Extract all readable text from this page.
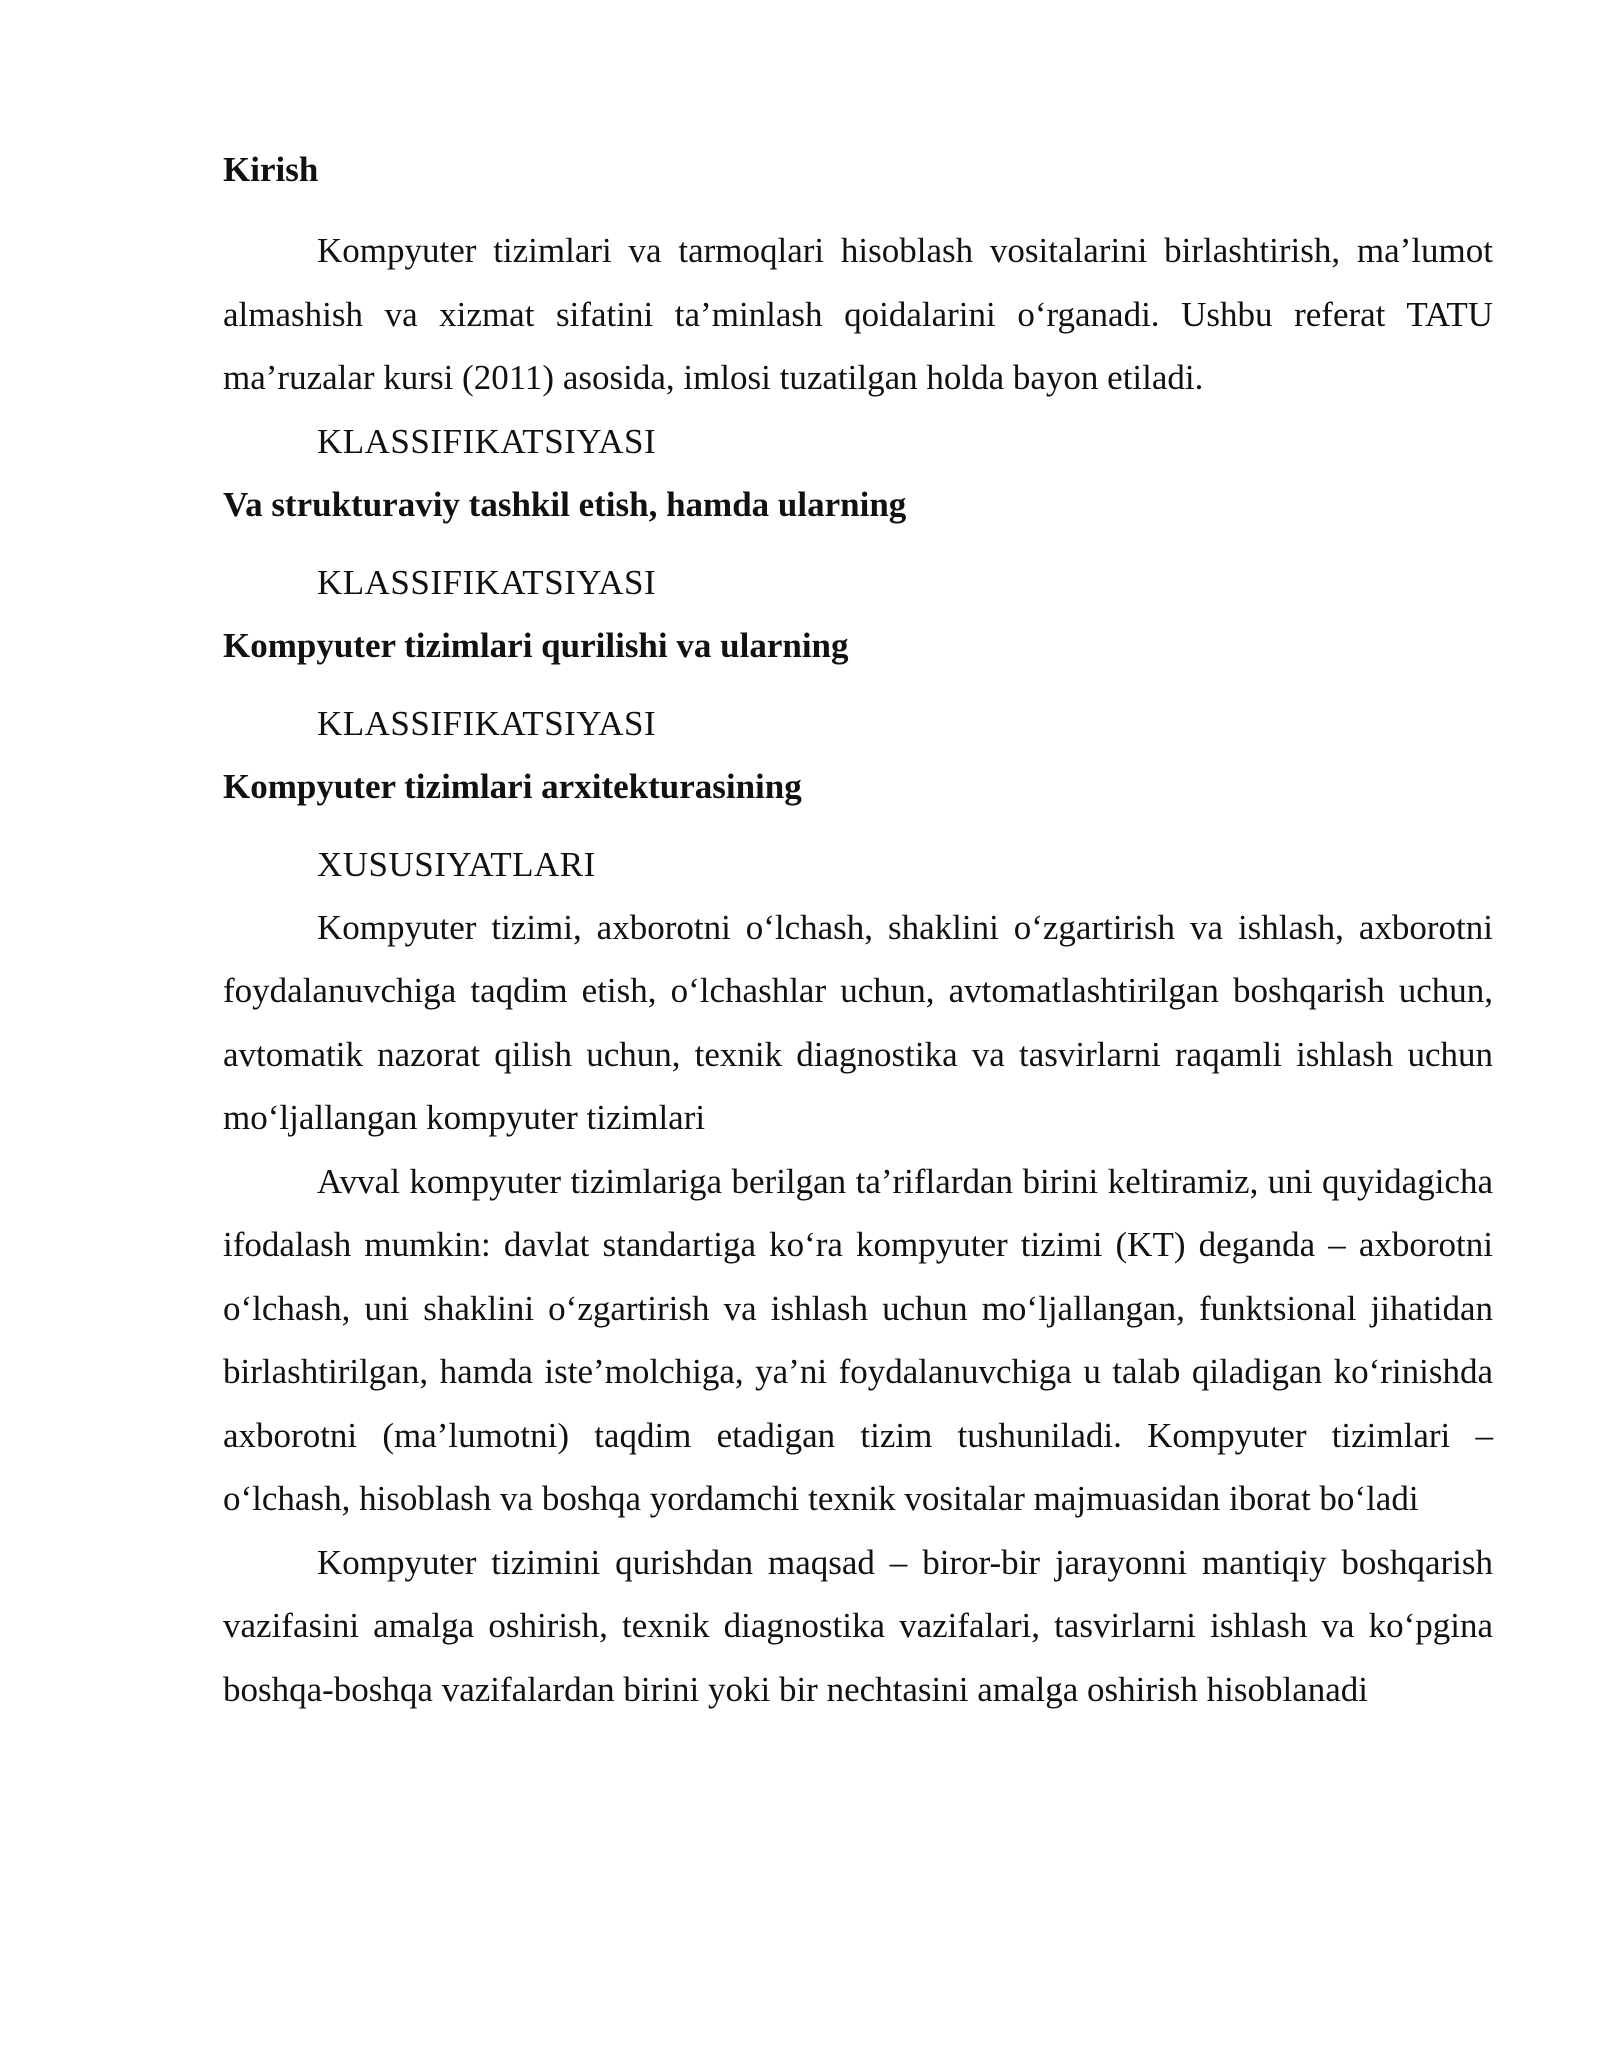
Kirish

Kompyuter tizimlari va tarmoqlari hisoblash vositalarini birlashtirish, ma’lumot almashish va xizmat sifatini ta’minlash qoidalarini o‘rganadi. Ushbu referat TATU ma’ruzalar kursi (2011) asosida, imlosi tuzatilgan holda bayon etiladi.

KLASSIFIKATSIYASI

Va strukturaviy tashkil etish, hamda ularning

KLASSIFIKATSIYASI

Kompyuter tizimlari qurilishi va ularning

KLASSIFIKATSIYASI

Kompyuter tizimlari arxitekturasining

XUSUSIYATLARI

Kompyuter tizimi, axborotni o‘lchash, shaklini o‘zgartirish va ishlash, axborotni foydalanuvchiga taqdim etish, o‘lchashlar uchun, avtomatlashtirilgan boshqarish uchun, avtomatik nazorat qilish uchun, texnik diagnostika va tasvirlarni raqamli ishlash uchun mo‘ljallangan kompyuter tizimlari

Avval kompyuter tizimlariga berilgan ta’riflardan birini keltiramiz, uni quyidagicha ifodalash mumkin: davlat standartiga ko‘ra kompyuter tizimi (KT) deganda – axborotni o‘lchash, uni shaklini o‘zgartirish va ishlash uchun mo‘ljallangan, funktsional jihatidan birlashtirilgan, hamda iste’molchiga, ya’ni foydalanuvchiga u talab qiladigan ko‘rinishda axborotni (ma’lumotni) taqdim etadigan tizim tushuniladi. Kompyuter tizimlari – o‘lchash, hisoblash va boshqa yordamchi texnik vositalar majmuasidan iborat bo‘ladi

Kompyuter tizimini qurishdan maqsad – biror-bir jarayonni mantiqiy boshqarish vazifasini amalga oshirish, texnik diagnostika vazifalari, tasvirlarni ishlash va ko‘pgina boshqa-boshqa vazifalardan birini yoki bir nechtasini amalga oshirish hisoblanadi
